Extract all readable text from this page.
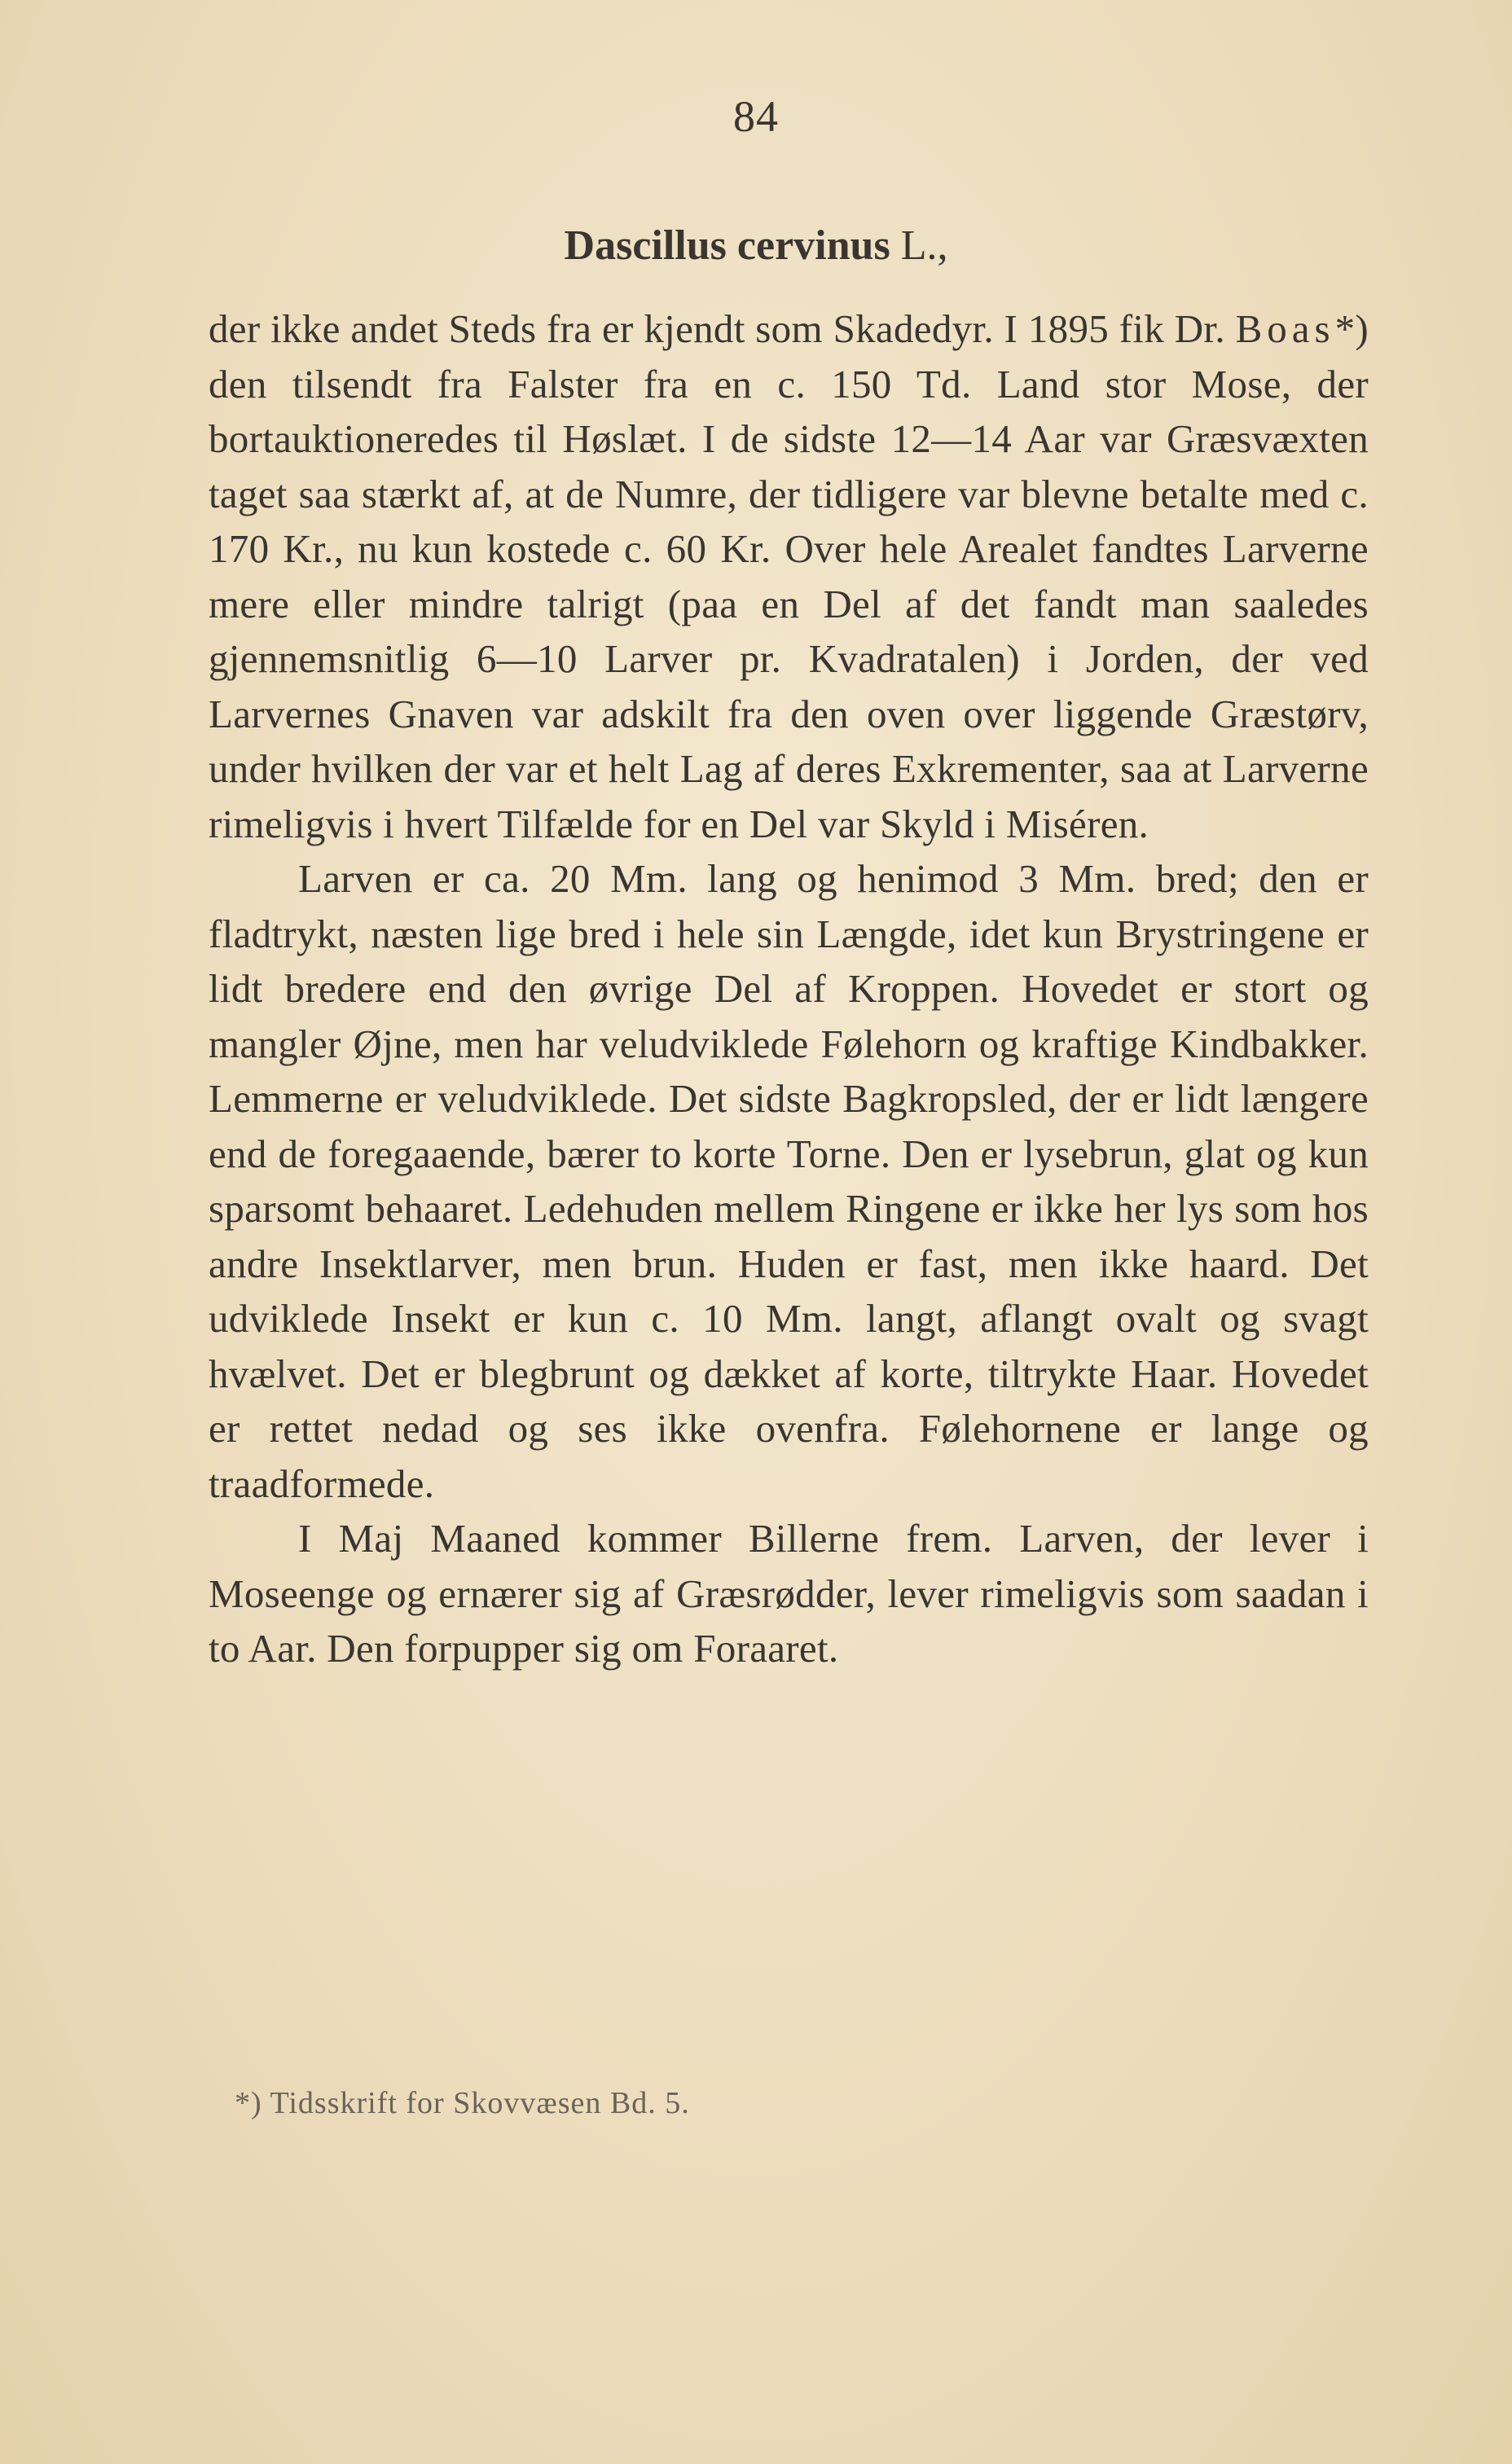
84
Dascillus cervinus L.,

der ikke andet Steds fra er kjendt som Skadedyr. I 1895 fik Dr. Boas*) den tilsendt fra Falster fra en c. 150 Td. Land stor Mose, der bortauktioneredes til Høslæt. I de sidste 12—14 Aar var Græsvæxten taget saa stærkt af, at de Numre, der tidligere var blevne betalte med c. 170 Kr., nu kun kostede c. 60 Kr. Over hele Arealet fandtes Larverne mere eller mindre talrigt (paa en Del af det fandt man saaledes gjennemsnitlig 6—10 Larver pr. Kvadratalen) i Jorden, der ved Larvernes Gnaven var adskilt fra den oven over liggende Græstørv, under hvilken der var et helt Lag af deres Exkrementer, saa at Larverne rimeligvis i hvert Tilfælde for en Del var Skyld i Miséren.

Larven er ca. 20 Mm. lang og henimod 3 Mm. bred; den er fladtrykt, næsten lige bred i hele sin Længde, idet kun Brystringene er lidt bredere end den øvrige Del af Kroppen. Hovedet er stort og mangler Øjne, men har veludviklede Følehorn og kraftige Kindbakker. Lemmerne er veludviklede. Det sidste Bagkropsled, der er lidt længere end de foregaaende, bærer to korte Torne. Den er lysebrun, glat og kun sparsomt behaaret. Ledehuden mellem Ringene er ikke her lys som hos andre Insektlarver, men brun. Huden er fast, men ikke haard. Det udviklede Insekt er kun c. 10 Mm. langt, aflangt ovalt og svagt hvælvet. Det er blegbrunt og dækket af korte, tiltrykte Haar. Hovedet er rettet nedad og ses ikke ovenfra. Følehornene er lange og traadformede.

I Maj Maaned kommer Billerne frem. Larven, der lever i Moseenge og ernærer sig af Græsrødder, lever rimeligvis som saadan i to Aar. Den forpupper sig om Foraaret.

*) Tidsskrift for Skovvæsen Bd. 5.
